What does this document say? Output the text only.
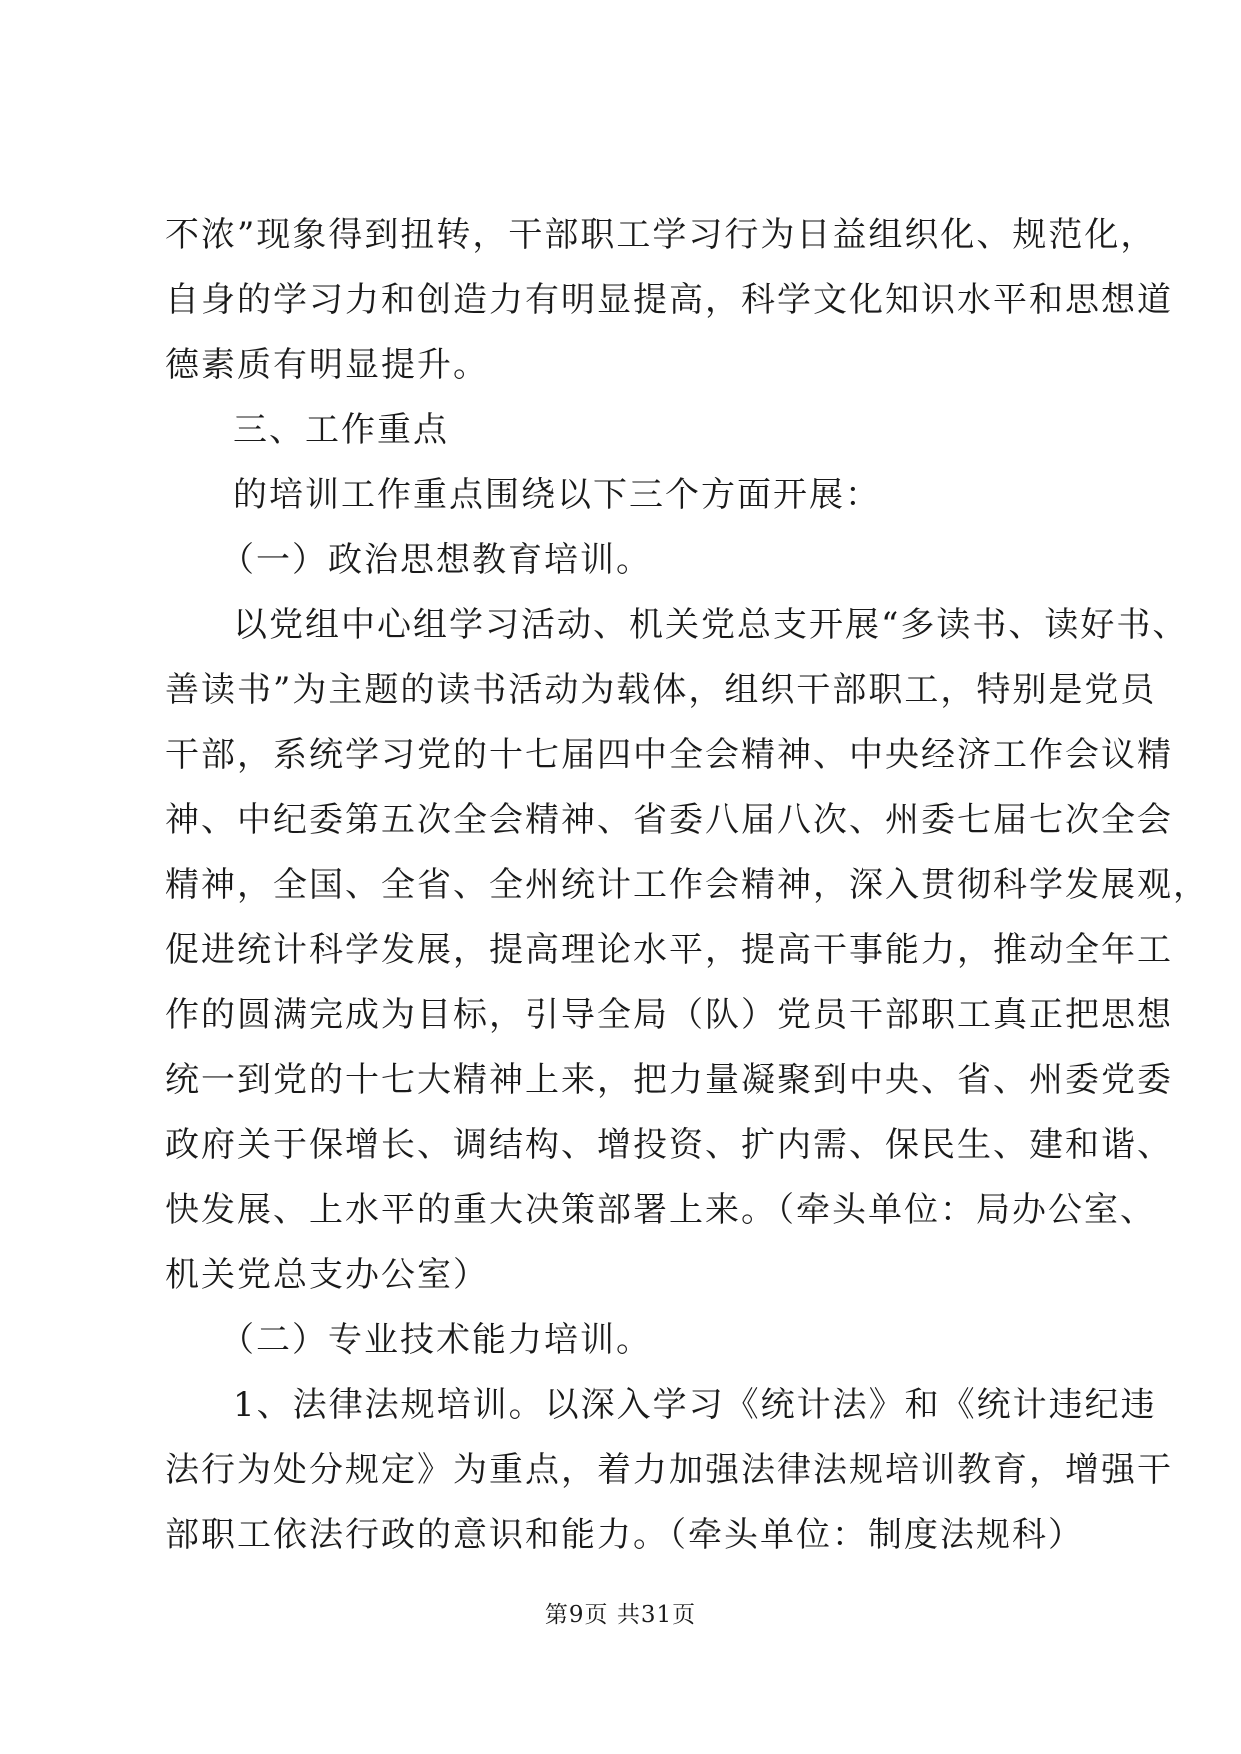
不浓”现象得到扭转，干部职工学习行为日益组织化、规范化，
自身的学习力和创造力有明显提高，科学文化知识水平和思想道
德素质有明显提升。
三、工作重点
的培训工作重点围绕以下三个方面开展：
（一）政治思想教育培训。
以党组中心组学习活动、机关党总支开展“多读书、读好书、
善读书”为主题的读书活动为载体，组织干部职工，特别是党员
干部，系统学习党的十七届四中全会精神、中央经济工作会议精
神、中纪委第五次全会精神、省委八届八次、州委七届七次全会
精神，全国、全省、全州统计工作会精神，深入贯彻科学发展观，
促进统计科学发展，提高理论水平，提高干事能力，推动全年工
作的圆满完成为目标，引导全局（队）党员干部职工真正把思想
统一到党的十七大精神上来，把力量凝聚到中央、省、州委党委
政府关于保增长、调结构、增投资、扩内需、保民生、建和谐、
快发展、上水平的重大决策部署上来。（牵头单位：局办公室、
机关党总支办公室）
（二）专业技术能力培训。
1、法律法规培训。以深入学习《统计法》和《统计违纪违
法行为处分规定》为重点，着力加强法律法规培训教育，增强干
部职工依法行政的意识和能力。（牵头单位：制度法规科）
第9页 共31页
